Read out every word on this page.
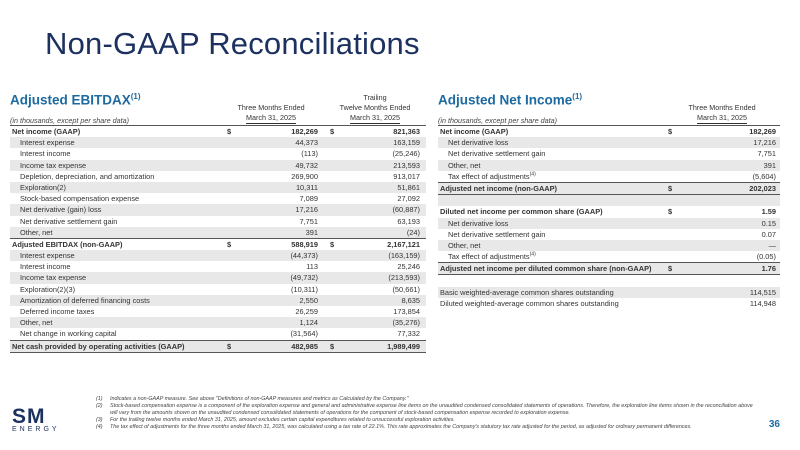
Non-GAAP Reconciliations
Adjusted EBITDAX$^{(1)}$
(in thousands, except per share data)
Three Months Ended
March 31, 2025
Trailing
Twelve Months Ended
March 31, 2025
Net income (GAAP)	$	182,269 $	821,363
Interest expense	44,373	163,159
Interest income	(113)	(25,246)
Income tax expense	49,732	213,593
Depletion, depreciation, and amortization	269,900	913,017
Exploration(2)	10,311	51,861
Stock-based compensation expense	7,089	27,092
Net derivative (gain) loss	17,216	(60,887)
Net derivative settlement gain	7,751	63,193
Other, net	391	(24)
Adjusted EBITDAX (non-GAAP)	$	588,919 $	2,167,121
Interest expense	(44,373)	(163,159)
Interest income	113	25,246
Income tax expense	(49,732)	(213,593)
Exploration(2)(3)	(10,311)	(50,661)
Amortization of deferred financing costs	2,550	8,635
Deferred income taxes	26,259	173,854
Other, net	1,124	(35,276)
Net change in working capital	(31,564)	77,332
Net cash provided by operating activities (GAAP)	$	482,985 $	1,989,499
Adjusted Net Income$^{(1)}$
(in thousands, except per share data)
Three Months Ended
March 31, 2025
Net income (GAAP)	$	182,269
Net derivative loss	17,216
Net derivative settlement gain	7,751
Other, net	391
Tax effect of adjustments$^{(4)}$	(5,604)
Adjusted net income (non-GAAP)	$	202,023
Diluted net income per common share (GAAP)	$	1.59
Net derivative loss	0.15
Net derivative settlement gain	0.07
Other, net	—
Tax effect of adjustments$^{(4)}$	(0.05)
Adjusted net income per diluted common share (non-GAAP) $	1.76
Basic weighted-average common shares outstanding	114,515
Diluted weighted-average common shares outstanding	114,948
(1) Indicates a non-GAAP measure. See above "Definitions of non-GAAP measures and metrics as Calculated by the Company."
(2) Stock-based compensation expense is a component of the exploration expense and general and administrative expense line items on the unaudited condensed consolidated statements of operations. Therefore, the exploration line items shown in the reconciliation above will vary from the amounts shown on the unaudited condensed consolidated statements of operations for the component of stock-based compensation expense recorded to exploration expense.
(3) For the trailing twelve months ended March 31, 2025, amount excludes certain capital expenditures related to unsuccessful exploration activities.
(4) The tax effect of adjustments for the three months ended March 31, 2025, was calculated using a tax rate of 22.1%. This rate approximates the Company's statutory tax rate adjusted for the period, as adjusted for ordinary permanent differences.
SM
ENERGY	36
